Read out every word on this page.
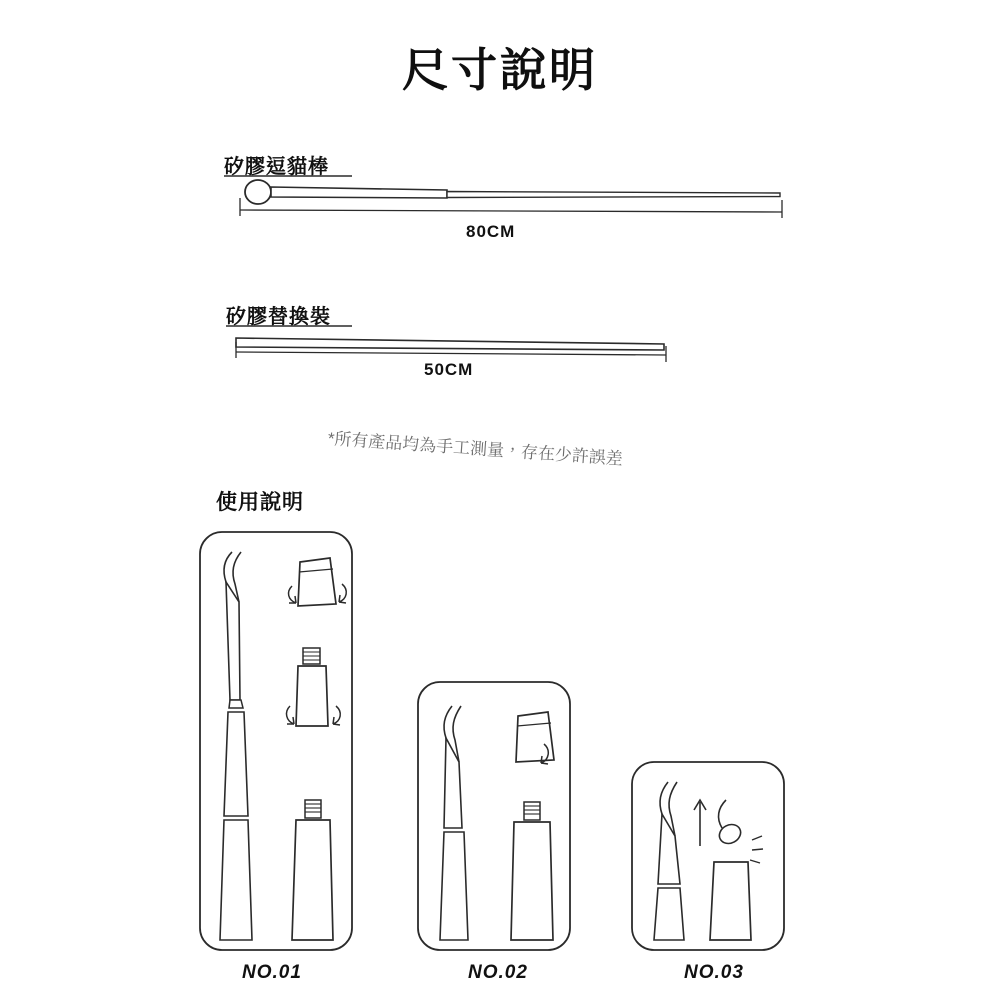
尺寸說明
矽膠逗貓棒
80CM
矽膠替換裝
50CM
*所有產品均為手工測量，存在少許誤差
使用說明
NO.01	NO.02	NO.03
